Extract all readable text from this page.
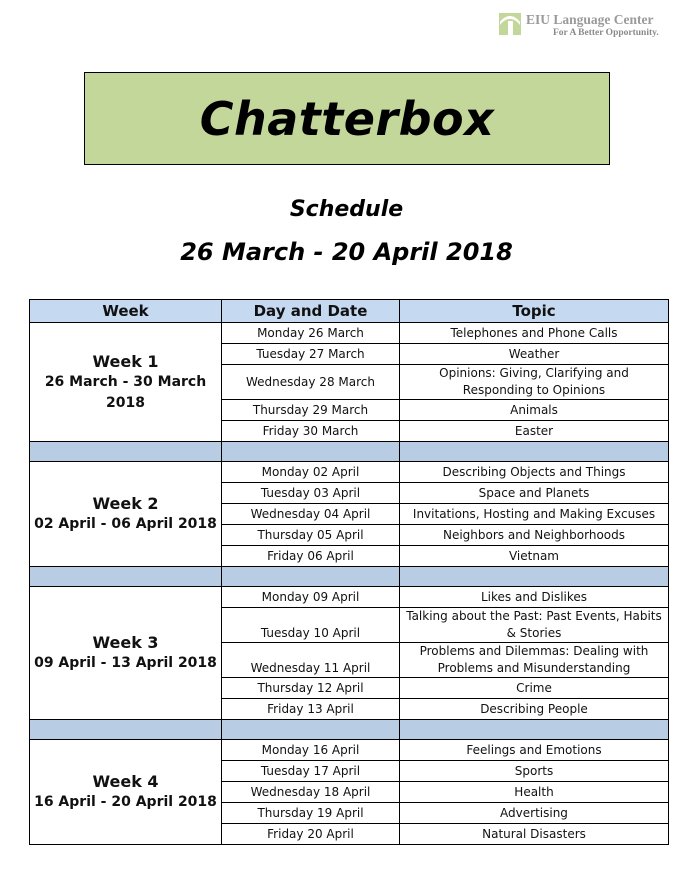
EIU Language Center
For A Better Opportunity.
Chatterbox
Schedule
26 March - 20 April 2018
Week	Day and Date	Topic

Week 1
26 March - 30 March 2018	Monday 26 March	Telephones and Phone Calls
	Tuesday 27 March	Weather
	Wednesday 28 March	Opinions: Giving, Clarifying and Responding to Opinions
	Thursday 29 March	Animals
	Friday 30 March	Easter

Week 2
02 April - 06 April 2018	Monday 02 April	Describing Objects and Things
	Tuesday 03 April	Space and Planets
	Wednesday 04 April	Invitations, Hosting and Making Excuses
	Thursday 05 April	Neighbors and Neighborhoods
	Friday 06 April	Vietnam

Week 3
09 April - 13 April 2018	Monday 09 April	Likes and Dislikes
	Tuesday 10 April	Talking about the Past: Past Events, Habits & Stories
	Wednesday 11 April	Problems and Dilemmas: Dealing with Problems and Misunderstanding
	Thursday 12 April	Crime
	Friday 13 April	Describing People

Week 4
16 April - 20 April 2018	Monday 16 April	Feelings and Emotions
	Tuesday 17 April	Sports
	Wednesday 18 April	Health
	Thursday 19 April	Advertising
	Friday 20 April	Natural Disasters
